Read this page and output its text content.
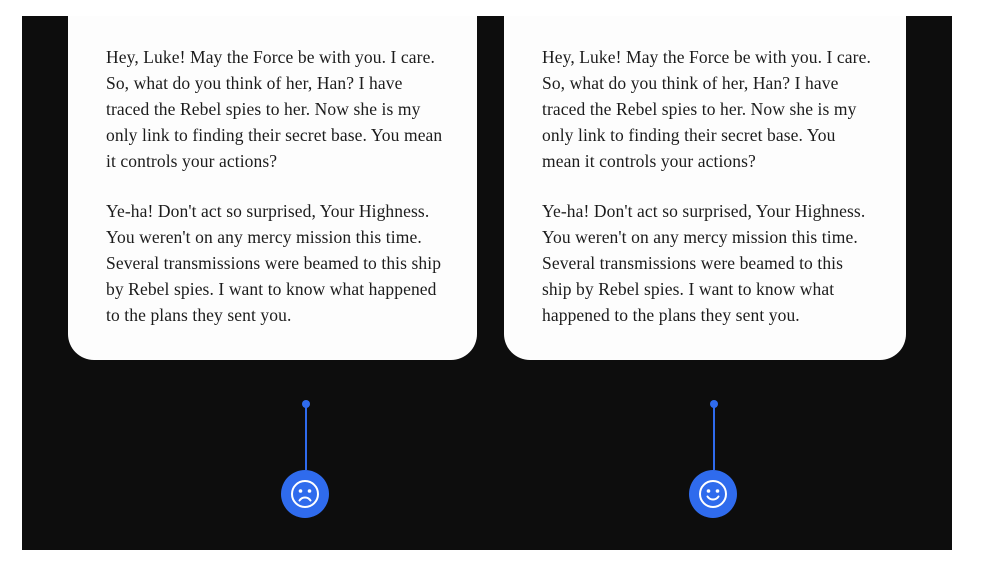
Hey, Luke! May the Force be with you. I care. So, what do you think of her, Han? I have traced the Rebel spies to her. Now she is my only link to finding their secret base. You mean it controls your actions?

Ye-ha! Don't act so surprised, Your Highness. You weren't on any mercy mission this time. Several transmissions were beamed to this ship by Rebel spies. I want to know what happened to the plans they sent you.

Hey, Luke! May the Force be with you. I care. So, what do you think of her, Han? I have traced the Rebel spies to her. Now she is my only link to finding their secret base. You mean it controls your actions?

Ye-ha! Don't act so surprised, Your Highness. You weren't on any mercy mission this time. Several transmissions were beamed to this ship by Rebel spies. I want to know what happened to the plans they sent you.
